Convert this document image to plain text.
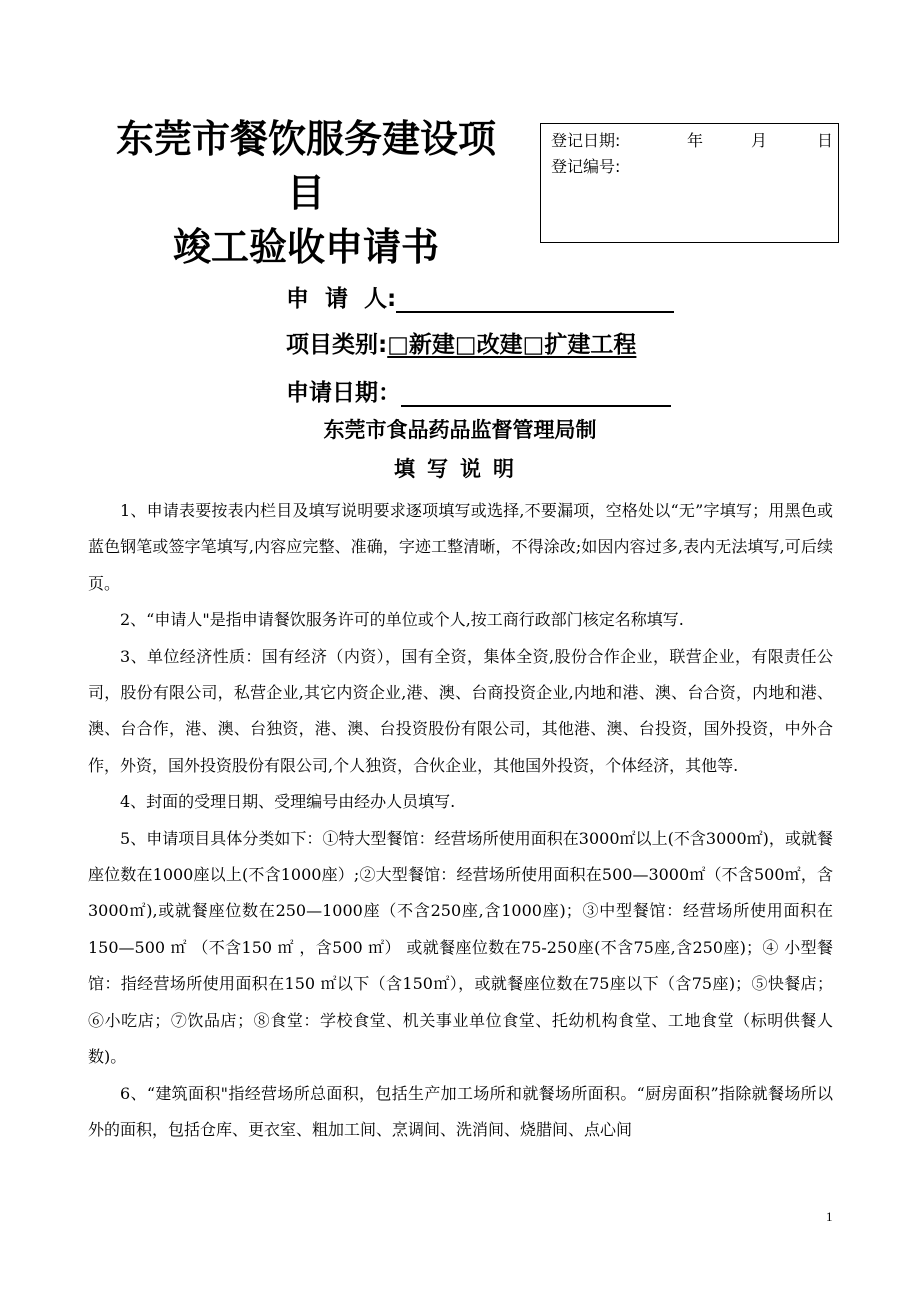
东莞市餐饮服务建设项
目
竣工验收申请书
登记日期:	年	月	日
登记编号:
申  请  人:
项目类别:□新建□改建□扩建工程
申请日期：
东莞市食品药品监督管理局制
填写说明

1、申请表要按表内栏目及填写说明要求逐项填写或选择,不要漏项，空格处以“无”字填写；用黑色或蓝色钢笔或签字笔填写,内容应完整、准确，字迹工整清晰，不得涂改;如因内容过多,表内无法填写,可后续页。

2、“申请人"是指申请餐饮服务许可的单位或个人,按工商行政部门核定名称填写.

3、单位经济性质：国有经济（内资），国有全资，集体全资,股份合作企业，联营企业，有限责任公司，股份有限公司，私营企业,其它内资企业,港、澳、台商投资企业,内地和港、澳、台合资，内地和港、澳、台合作，港、澳、台独资，港、澳、台投资股份有限公司，其他港、澳、台投资，国外投资，中外合作，外资，国外投资股份有限公司,个人独资，合伙企业，其他国外投资，个体经济，其他等.

4、封面的受理日期、受理编号由经办人员填写.

5、申请项目具体分类如下：①特大型餐馆：经营场所使用面积在3000㎡以上(不含3000㎡)，或就餐座位数在1000座以上(不含1000座）;②大型餐馆：经营场所使用面积在500—3000㎡（不含500㎡，含3000㎡),或就餐座位数在250—1000座（不含250座,含1000座)；③中型餐馆：经营场所使用面积在150—500 ㎡ （不含150 ㎡ ，含500 ㎡） 或就餐座位数在75-250座(不含75座,含250座)；④ 小型餐馆：指经营场所使用面积在150 ㎡以下（含150㎡），或就餐座位数在75座以下（含75座)；⑤快餐店；⑥小吃店；⑦饮品店；⑧食堂：学校食堂、机关事业单位食堂、托幼机构食堂、工地食堂（标明供餐人数)。

6、“建筑面积"指经营场所总面积，包括生产加工场所和就餐场所面积。“厨房面积”指除就餐场所以外的面积，包括仓库、更衣室、粗加工间、烹调间、洗消间、烧腊间、点心间

1
